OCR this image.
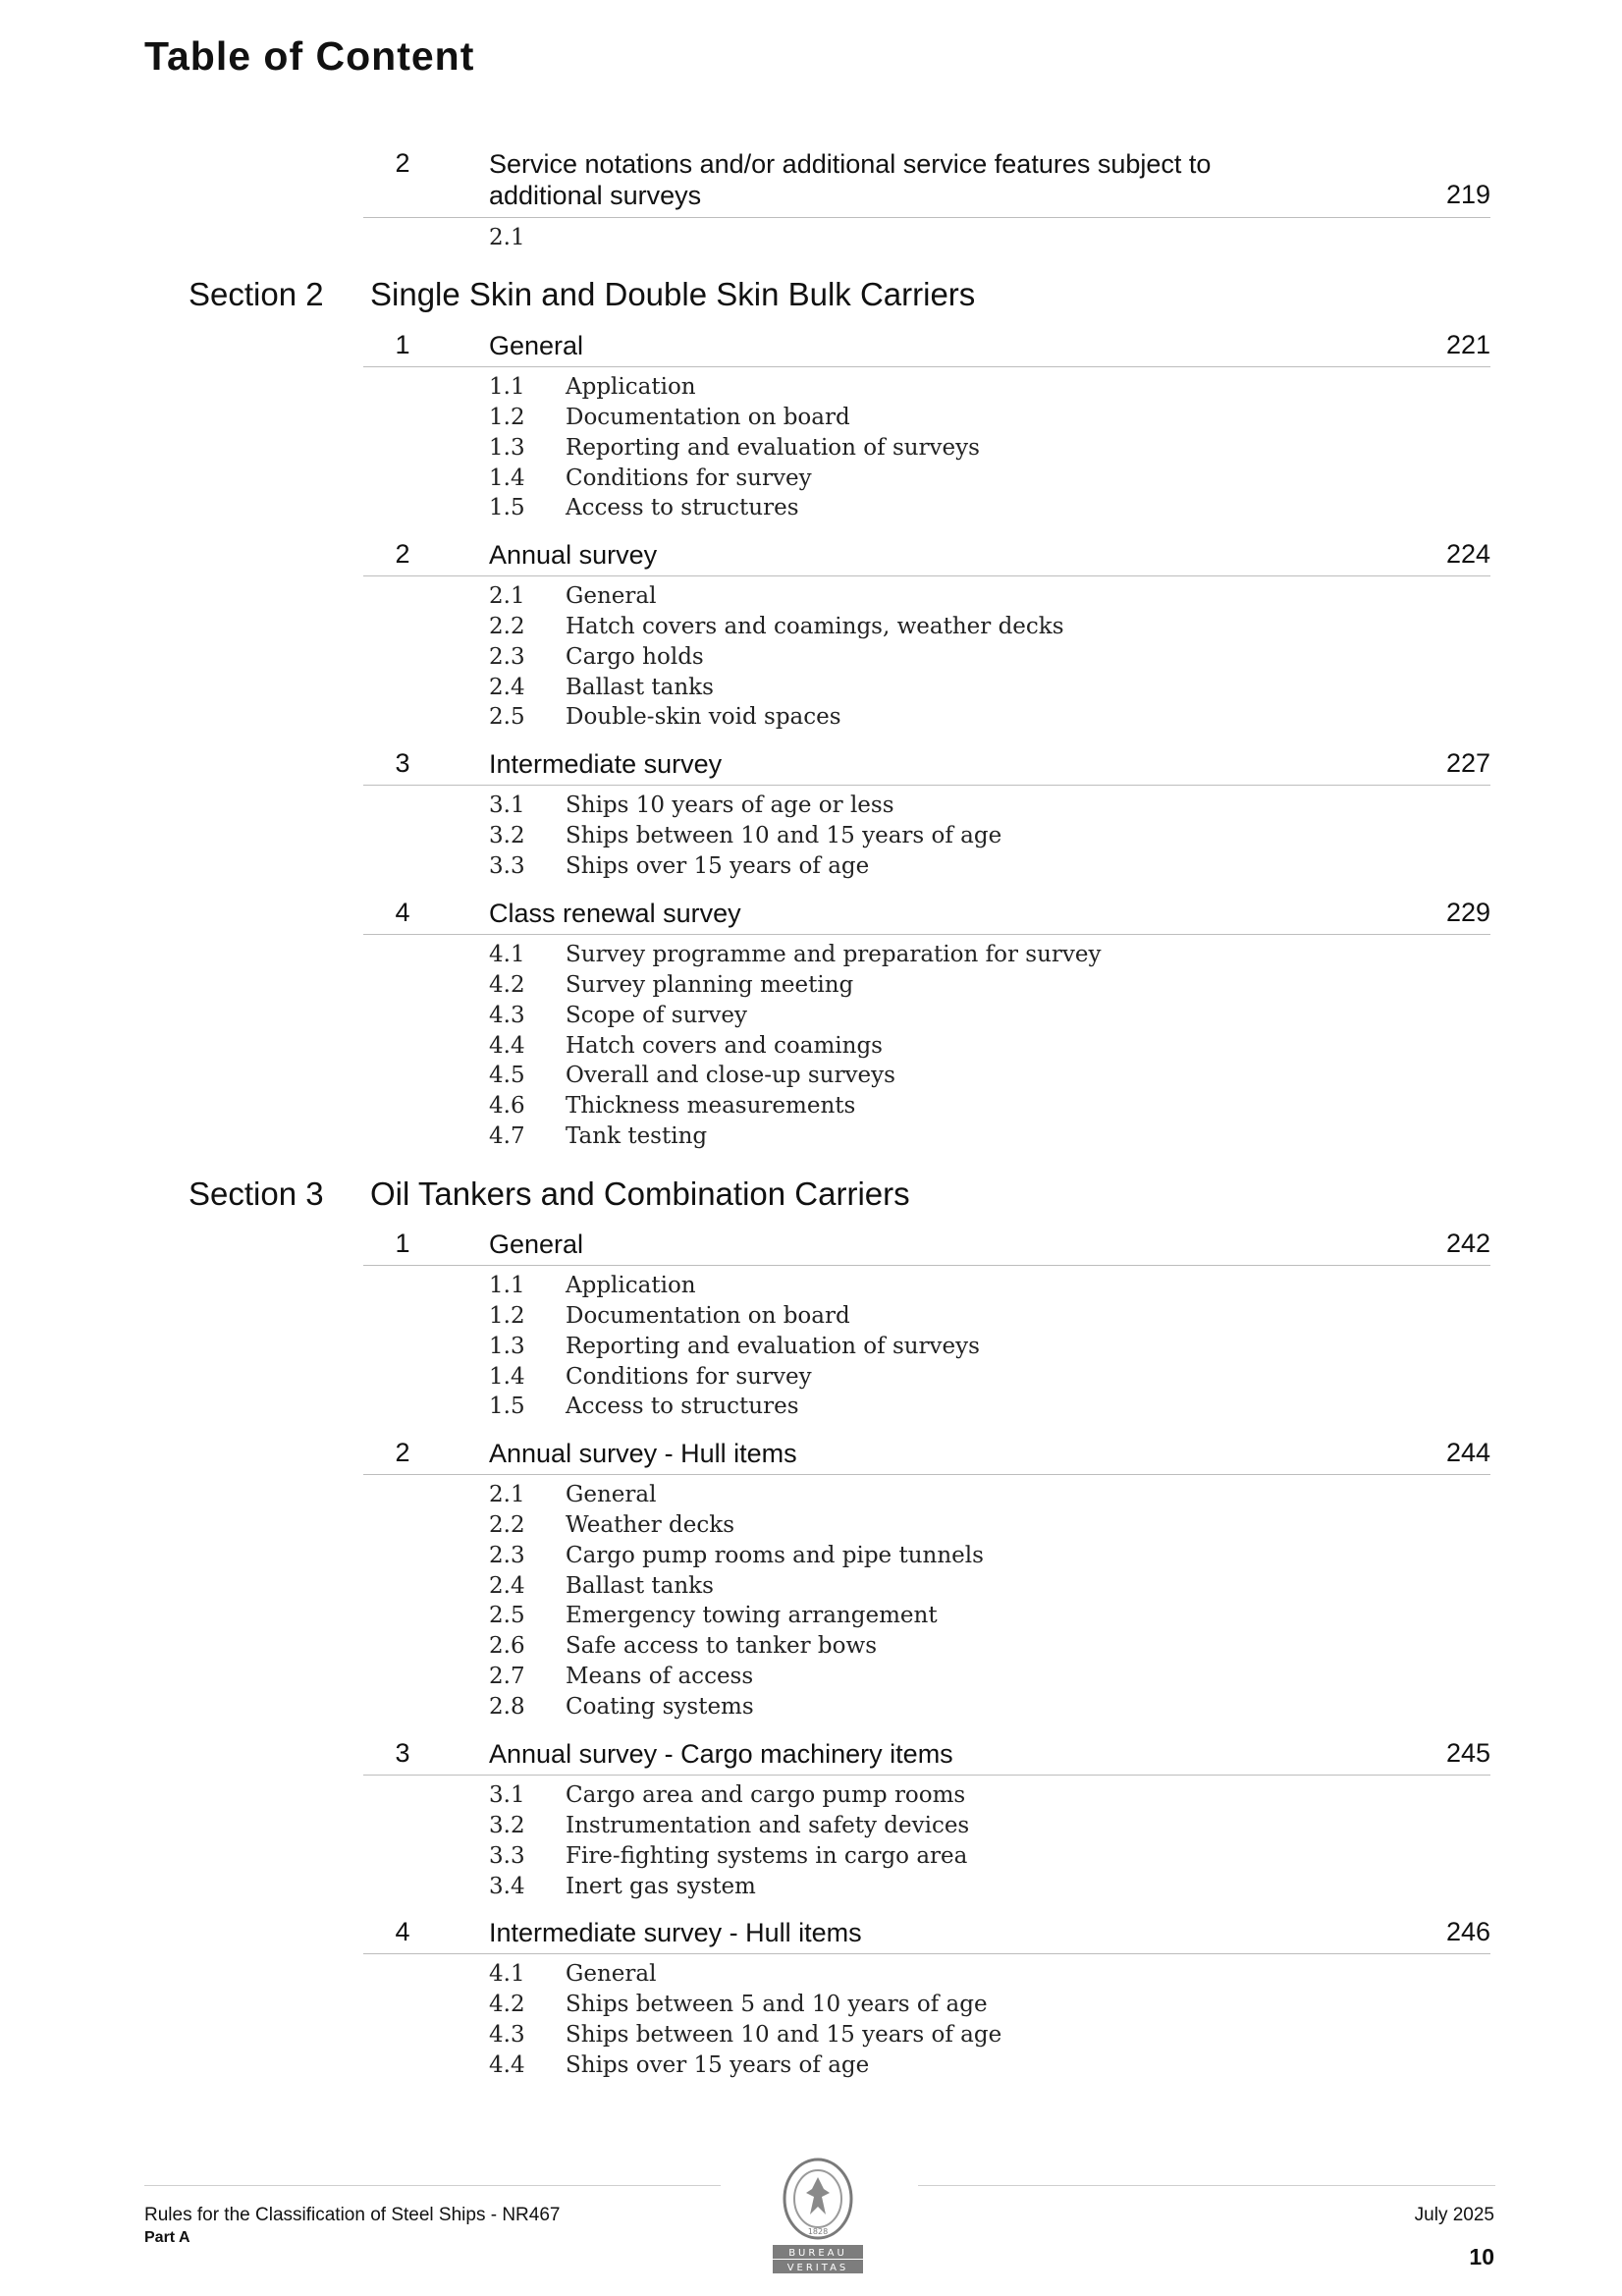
Table of Content
2	Service notations and/or additional service features subject to additional surveys	219
2.1
Section 2 Single Skin and Double Skin Bulk Carriers
1	General	221
1.1 Application
1.2 Documentation on board
1.3 Reporting and evaluation of surveys
1.4 Conditions for survey
1.5 Access to structures
2	Annual survey	224
2.1 General
2.2 Hatch covers and coamings, weather decks
2.3 Cargo holds
2.4 Ballast tanks
2.5 Double-skin void spaces
3	Intermediate survey	227
3.1 Ships 10 years of age or less
3.2 Ships between 10 and 15 years of age
3.3 Ships over 15 years of age
4	Class renewal survey	229
4.1 Survey programme and preparation for survey
4.2 Survey planning meeting
4.3 Scope of survey
4.4 Hatch covers and coamings
4.5 Overall and close-up surveys
4.6 Thickness measurements
4.7 Tank testing
Section 3 Oil Tankers and Combination Carriers
1	General	242
1.1 Application
1.2 Documentation on board
1.3 Reporting and evaluation of surveys
1.4 Conditions for survey
1.5 Access to structures
2	Annual survey - Hull items	244
2.1 General
2.2 Weather decks
2.3 Cargo pump rooms and pipe tunnels
2.4 Ballast tanks
2.5 Emergency towing arrangement
2.6 Safe access to tanker bows
2.7 Means of access
2.8 Coating systems
3	Annual survey - Cargo machinery items	245
3.1 Cargo area and cargo pump rooms
3.2 Instrumentation and safety devices
3.3 Fire-fighting systems in cargo area
3.4 Inert gas system
4	Intermediate survey - Hull items	246
4.1 General
4.2 Ships between 5 and 10 years of age
4.3 Ships between 10 and 15 years of age
4.4 Ships over 15 years of age
Rules for the Classification of Steel Ships - NR467
Part A
July 2025
10
1828
BUREAU
VERITAS
